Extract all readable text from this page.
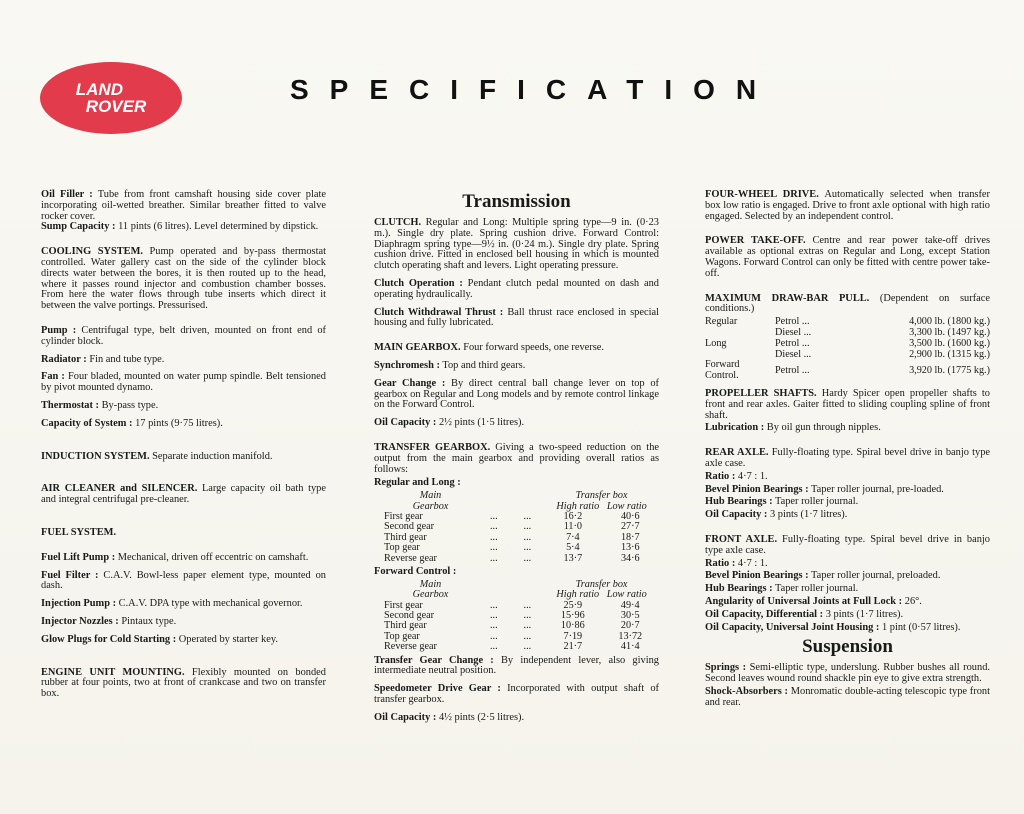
LAND
ROVER
SPECIFICATION

Oil Filler : Tube from front camshaft housing side cover plate incorporating oil-wetted breather. Similar breather fitted to valve rocker cover.
Sump Capacity : 11 pints (6 litres). Level determined by dipstick.

COOLING SYSTEM. Pump operated and by-pass thermostat controlled. Water gallery cast on the side of the cylinder block directs water between the bores, it is then routed up to the head, where it passes round injector and combustion chamber bosses. From here the water flows through tube inserts which direct it between the valve portings. Pressurised.

Pump : Centrifugal type, belt driven, mounted on front end of cylinder block.

Radiator : Fin and tube type.

Fan : Four bladed, mounted on water pump spindle. Belt tensioned by pivot mounted dynamo.

Thermostat : By-pass type.

Capacity of System : 17 pints (9·75 litres).

INDUCTION SYSTEM. Separate induction manifold.

AIR CLEANER and SILENCER. Large capacity oil bath type and integral centrifugal pre-cleaner.

FUEL SYSTEM.

Fuel Lift Pump : Mechanical, driven off eccentric on camshaft.

Fuel Filter : C.A.V. Bowl-less paper element type, mounted on dash.

Injection Pump : C.A.V. DPA type with mechanical governor.

Injector Nozzles : Pintaux type.

Glow Plugs for Cold Starting : Operated by starter key.

ENGINE UNIT MOUNTING. Flexibly mounted on bonded rubber at four points, two at front of crankcase and two on transfer box.

Transmission

CLUTCH. Regular and Long: Multiple spring type—9 in. (0·23 m.). Single dry plate. Spring cushion drive. Forward Control: Diaphragm spring type—9½ in. (0·24 m.). Single dry plate. Spring cushion drive. Fitted in enclosed bell housing in which is mounted clutch operating shaft and levers. Light operating pressure.

Clutch Operation : Pendant clutch pedal mounted on dash and operating hydraulically.

Clutch Withdrawal Thrust : Ball thrust race enclosed in special housing and fully lubricated.

MAIN GEARBOX. Four forward speeds, one reverse.

Synchromesh : Top and third gears.

Gear Change : By direct central ball change lever on top of gearbox on Regular and Long models and by remote control linkage on the Forward Control.

Oil Capacity : 2½ pints (1·5 litres).

TRANSFER GEARBOX. Giving a two-speed reduction on the output from the main gearbox and providing overall ratios as follows:

Regular and Long :
Main
Gearbox			Transfer box
High ratio Low ratio	
First gear	...	...	16·2	40·6
Second gear	...	...	11·0	27·7
Third gear	...	...	7·4	18·7
Top gear	...	...	5·4	13·6
Reverse gear	...	...	13·7	34·6
Forward Control :
Main
Gearbox			Transfer box
High ratio Low ratio	
First gear	...	...	25·9	49·4
Second gear	...	...	15·96	30·5
Third gear	...	...	10·86	20·7
Top gear	...	...	7·19	13·72
Reverse gear	...	...	21·7	41·4

Transfer Gear Change : By independent lever, also giving intermediate neutral position.

Speedometer Drive Gear : Incorporated with output shaft of transfer gearbox.

Oil Capacity : 4½ pints (2·5 litres).

FOUR-WHEEL DRIVE. Automatically selected when transfer box low ratio is engaged. Drive to front axle optional with high ratio engaged. Selected by an independent control.

POWER TAKE-OFF. Centre and rear power take-off drives available as optional extras on Regular and Long, except Station Wagons. Forward Control can only be fitted with centre power take-off.

MAXIMUM DRAW-BAR PULL. (Dependent on surface conditions.)

Regular	Petrol ...	4,000 lb. (1800 kg.)
	Diesel ...	3,300 lb. (1497 kg.)
Long	Petrol ...	3,500 lb. (1600 kg.)
	Diesel ...	2,900 lb. (1315 kg.)
Forward Control.	Petrol ...	3,920 lb. (1775 kg.)

PROPELLER SHAFTS. Hardy Spicer open propeller shafts to front and rear axles. Gaiter fitted to sliding coupling spline of front shaft.

Lubrication : By oil gun through nipples.

REAR AXLE. Fully-floating type. Spiral bevel drive in banjo type axle case.

Ratio : 4·7 : 1.

Bevel Pinion Bearings : Taper roller journal, pre-loaded.

Hub Bearings : Taper roller journal.

Oil Capacity : 3 pints (1·7 litres).

FRONT AXLE. Fully-floating type. Spiral bevel drive in banjo type axle case.

Ratio : 4·7 : 1.

Bevel Pinion Bearings : Taper roller journal, preloaded.

Hub Bearings : Taper roller journal.

Angularity of Universal Joints at Full Lock : 26°.

Oil Capacity, Differential : 3 pints (1·7 litres).

Oil Capacity, Universal Joint Housing : 1 pint (0·57 litres).

Suspension

Springs : Semi-elliptic type, underslung. Rubber bushes all round. Second leaves wound round shackle pin eye to give extra strength.

Shock-Absorbers : Monromatic double-acting telescopic type front and rear.
